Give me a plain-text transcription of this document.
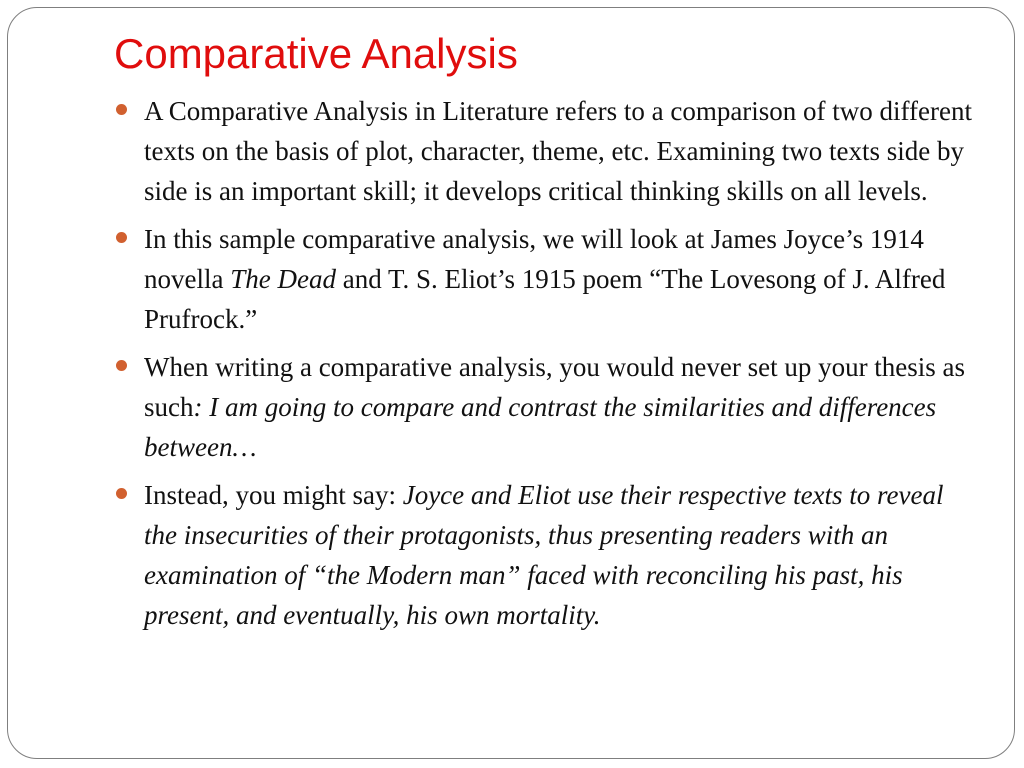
Comparative Analysis
A Comparative Analysis in Literature refers to a comparison of two different texts on the basis of plot, character, theme, etc. Examining two texts side by side is an important skill; it develops critical thinking skills on all levels.
In this sample comparative analysis, we will look at James Joyce’s 1914 novella The Dead and T. S. Eliot’s 1915 poem “The Lovesong of J. Alfred Prufrock.”
When writing a comparative analysis, you would never set up your thesis as such: I am going to compare and contrast the similarities and differences between…
Instead, you might say: Joyce and Eliot use their respective texts to reveal the insecurities of their protagonists, thus presenting readers with an examination of “the Modern man” faced with reconciling his past, his present, and eventually, his own mortality.
